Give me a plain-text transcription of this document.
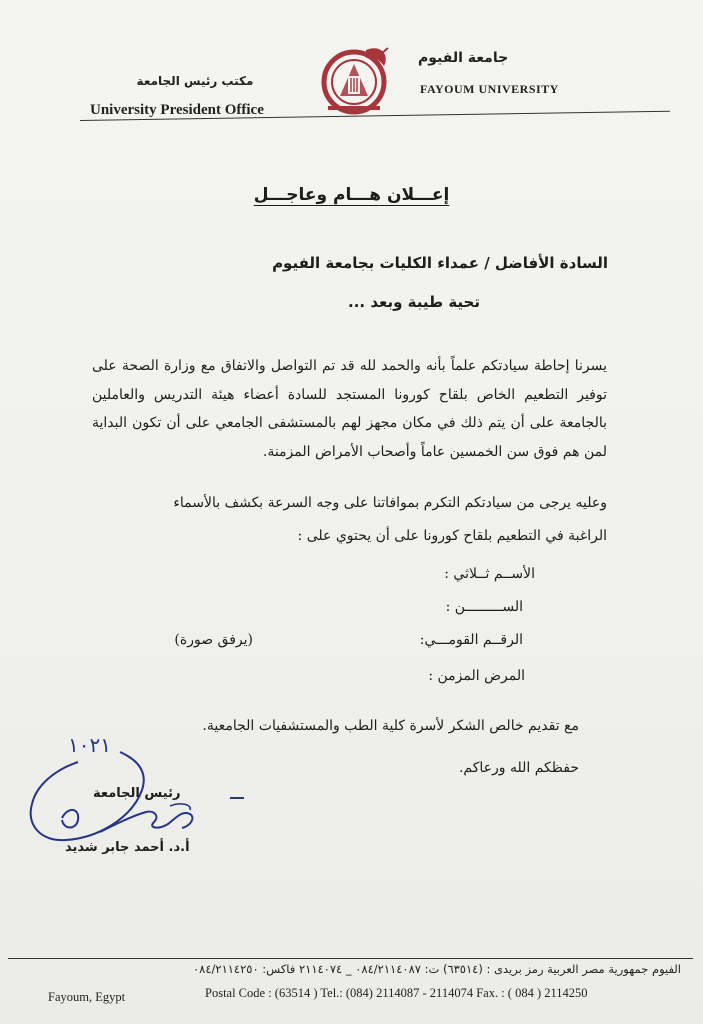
جامعة الفيوم
FAYOUM UNIVERSITY
مكتب رئيس الجامعة
University President Office
إعـــلان هـــام وعاجـــل
السادة الأفاضل / عمداء الكليات بجامعة الفيوم
تحية طيبة وبعد ...
يسرنا إحاطة سيادتكم علماً بأنه والحمد لله قد تم التواصل والاتفاق مع وزارة الصحة على توفير التطعيم الخاص بلقاح كورونا المستجد للسادة أعضاء هيئة التدريس والعاملين بالجامعة على أن يتم ذلك في مكان مجهز لهم بالمستشفى الجامعي على أن تكون البداية لمن هم فوق سن الخمسين عاماً وأصحاب الأمراض المزمنة.
وعليه يرجى من سيادتكم التكرم بموافاتنا على وجه السرعة بكشف بالأسماء
الراغبة في التطعيم بلقاح كورونا على أن يحتوي على :
الأســم ثــلاثي :
الســـــــــن :
الرقــم القومـــي:
(يرفق صورة)
المرض المزمن :
مع تقديم خالص الشكر لأسرة كلية الطب والمستشفيات الجامعية.
حفظكم الله ورعاكم.
١٠٢١
رئيس الجامعة
أ.د. أحمد جابر شديد
الفيوم جمهورية مصر العربية رمز بريدى : (٦٣٥١٤) ت: ٠٨٤/٢١١٤٠٨٧ _ ٢١١٤٠٧٤ فاكس: ٠٨٤/٢١١٤٢٥٠
Fayoum, Egypt	Postal Code : (63514 ) Tel.: (084) 2114087 - 2114074 Fax. : ( 084 ) 2114250
